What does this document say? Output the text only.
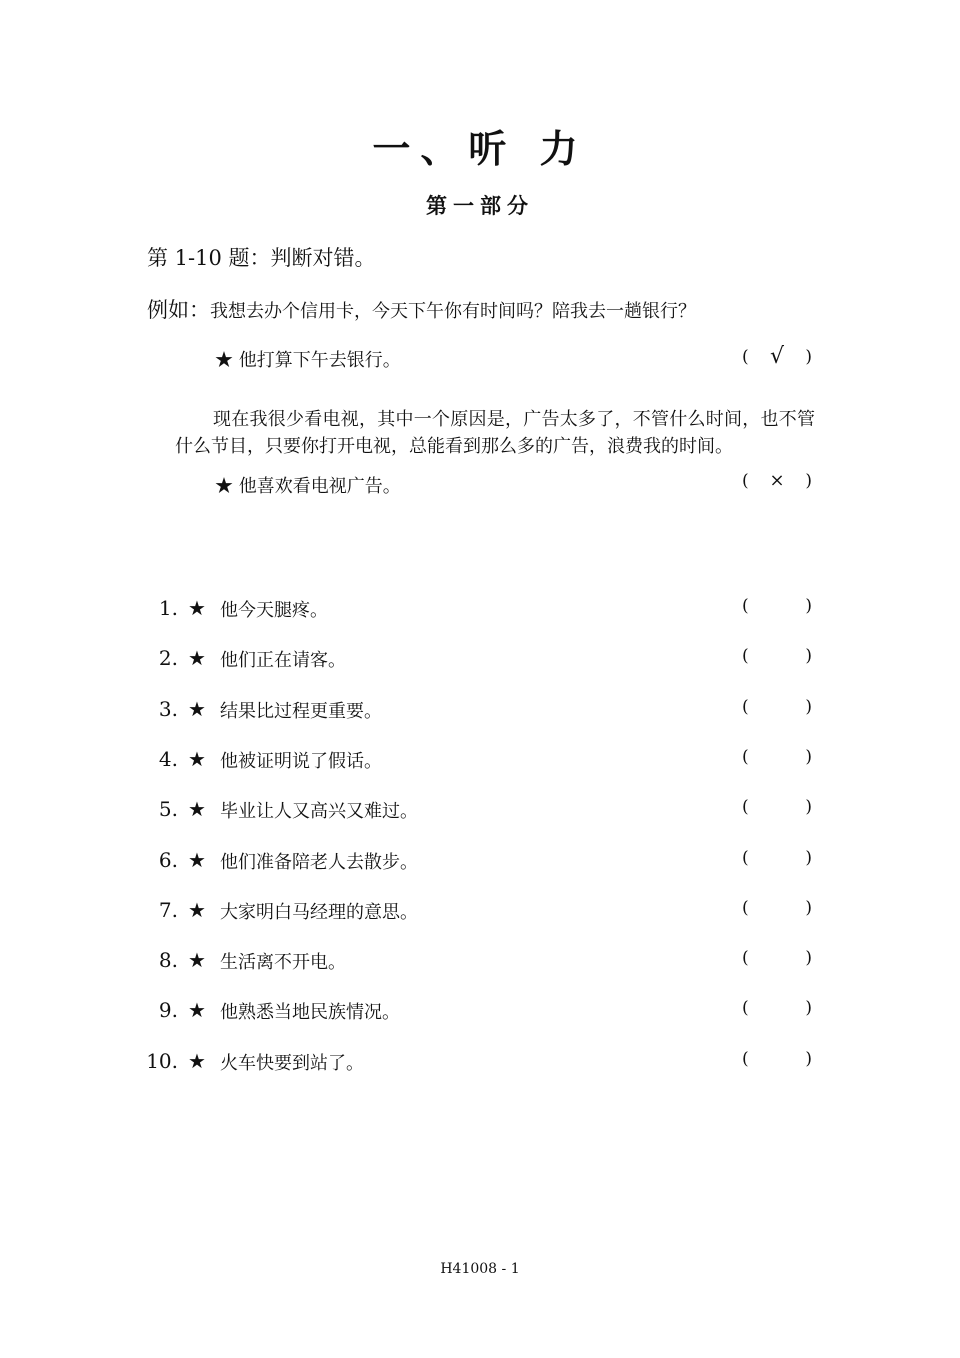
一、听 力
第一部分
第 1-10 题：判断对错。
例如：我想去办个信用卡，今天下午你有时间吗？陪我去一趟银行？
★ 他打算下午去银行。	( √	)
现在我很少看电视，其中一个原因是，广告太多了，不管什么时间，也不管什么节目，只要你打开电视，总能看到那么多的广告，浪费我的时间。
★ 他喜欢看电视广告。	(	×	)
1. ★ 他今天腿疼。	(	)
2. ★ 他们正在请客。	(	)
3. ★ 结果比过程更重要。	(	)
4. ★ 他被证明说了假话。	(	)
5. ★ 毕业让人又高兴又难过。	(	)
6. ★ 他们准备陪老人去散步。	(	)
7. ★ 大家明白马经理的意思。	(	)
8. ★ 生活离不开电。	(	)
9. ★ 他熟悉当地民族情况。	(	)
10. ★ 火车快要到站了。	(	)
H41008 - 1
